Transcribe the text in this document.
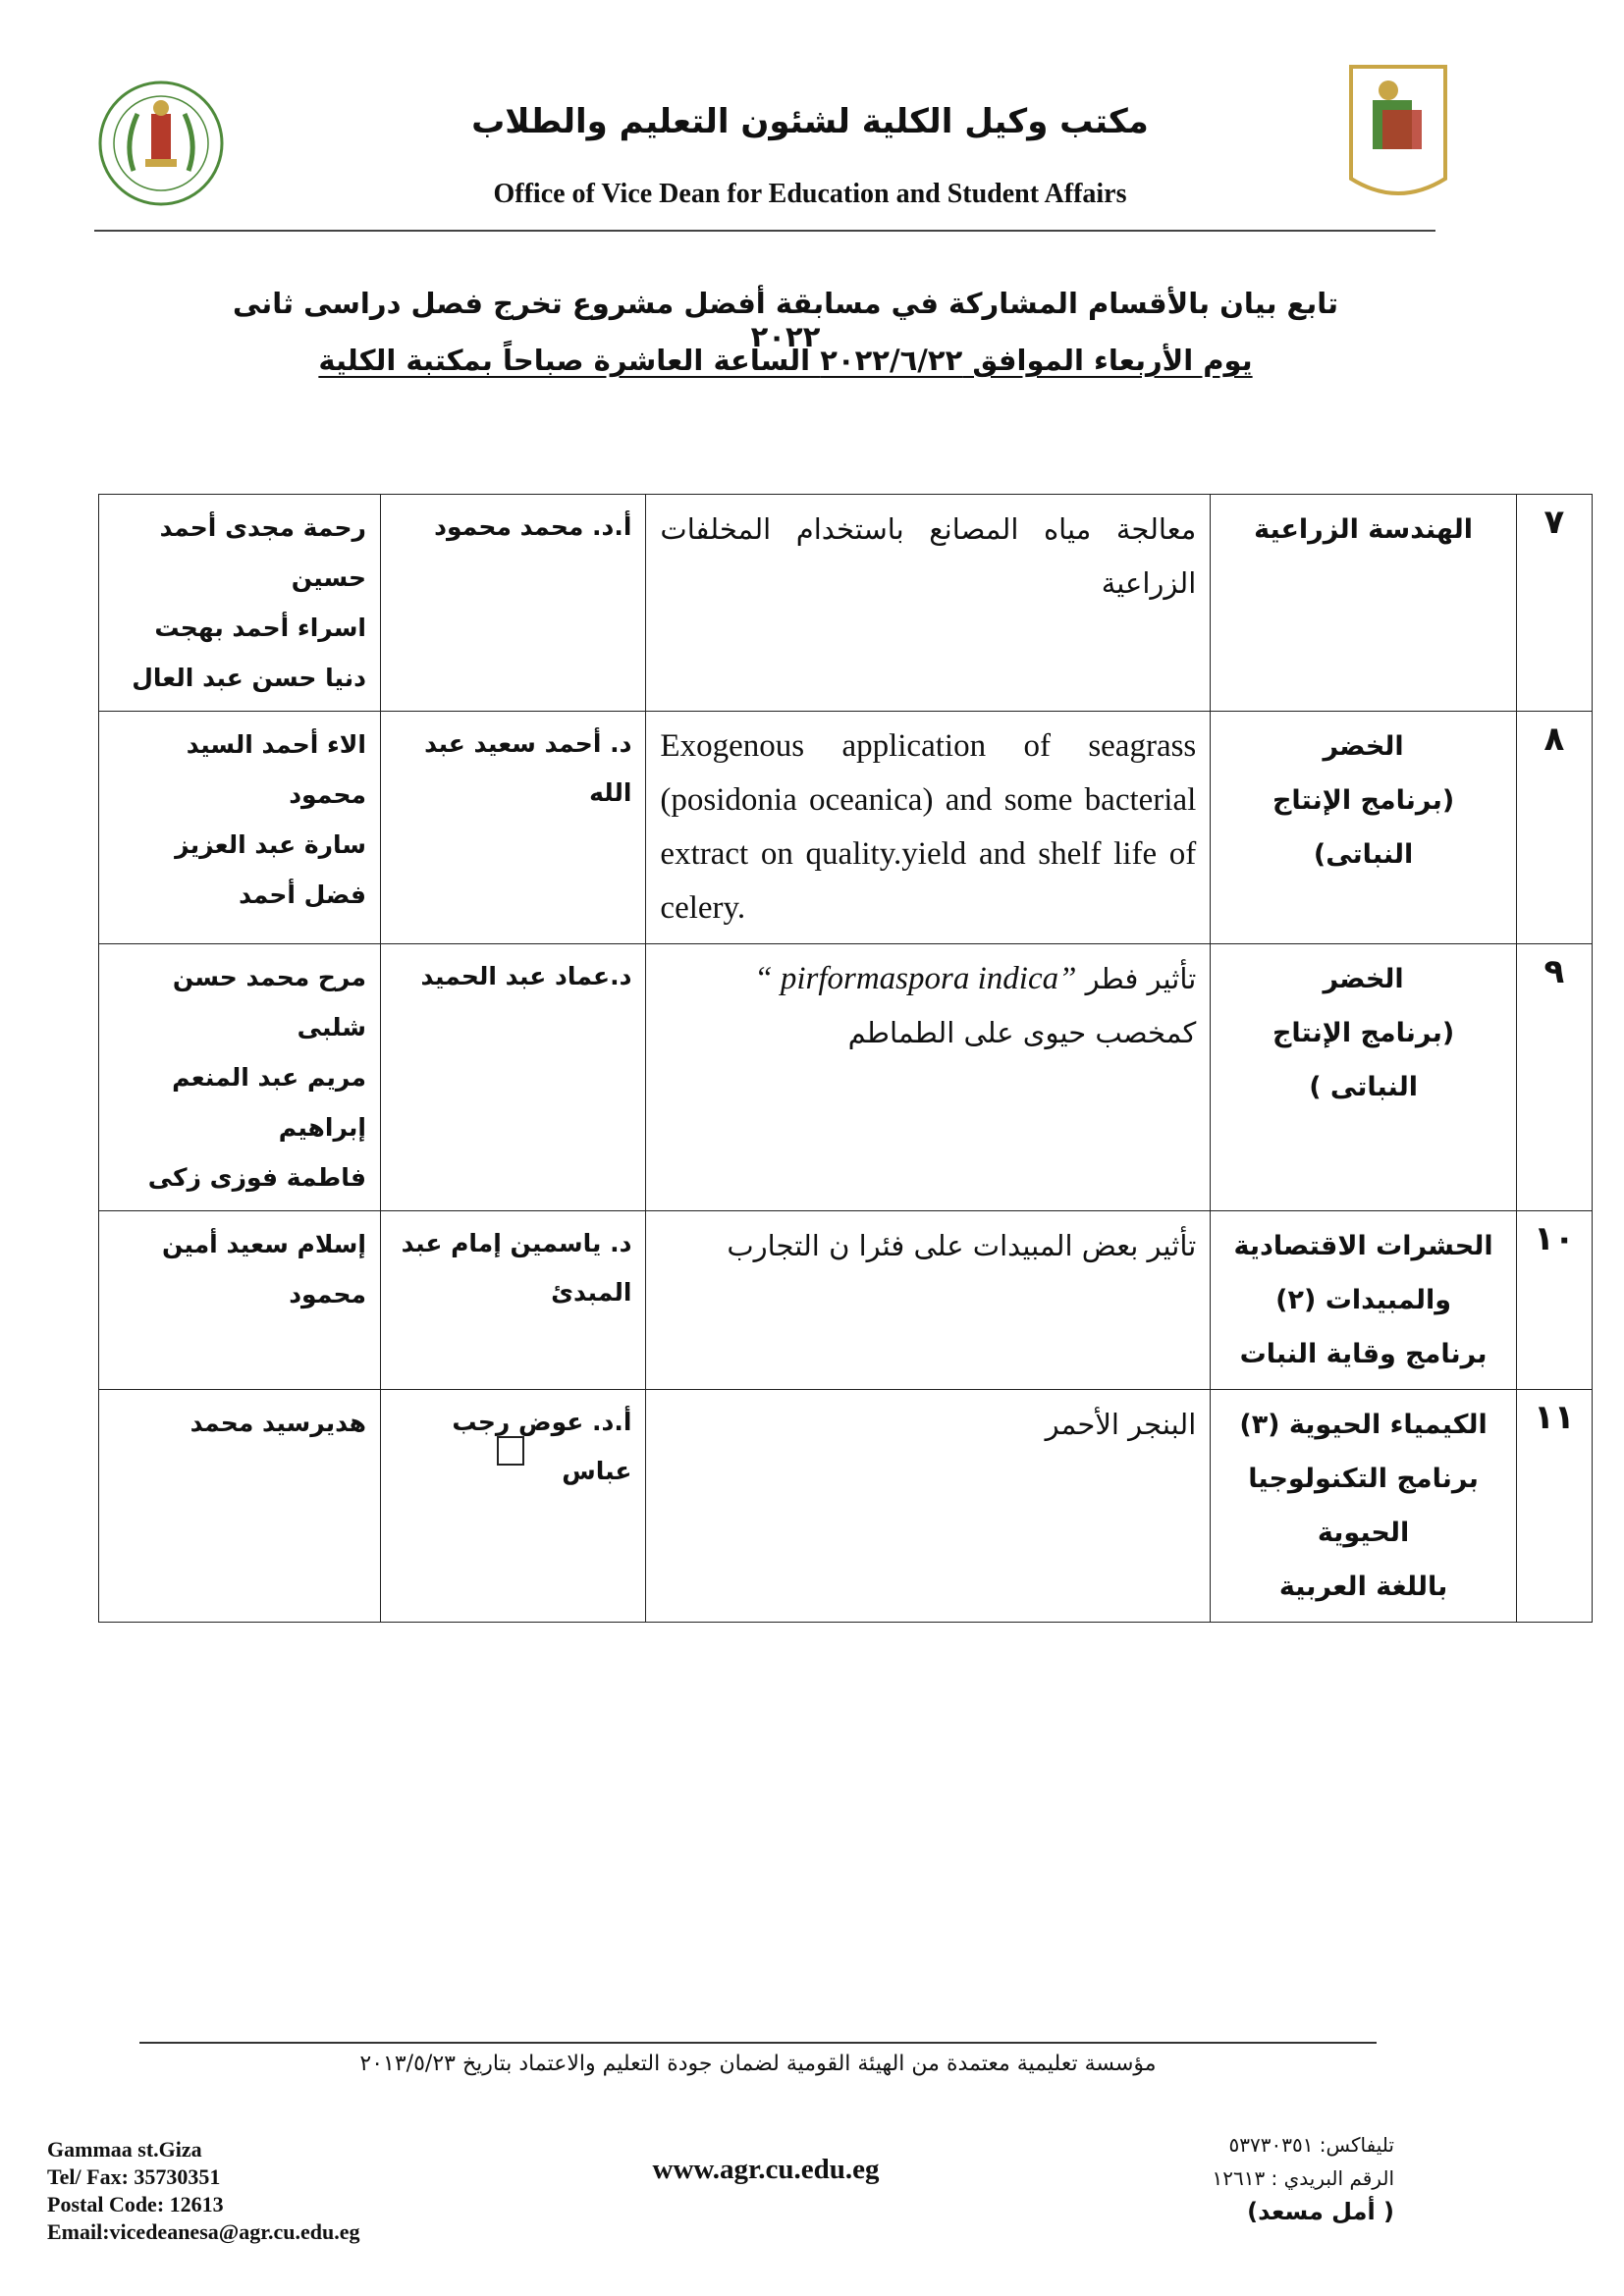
مكتب وكيل الكلية لشئون التعليم والطلاب
Office of Vice Dean for Education and Student Affairs
تابع بيان بالأقسام المشاركة في مسابقة أفضل مشروع تخرج فصل دراسى ثانى ٢٠٢٢
يوم الأربعاء الموافق ٢٠٢٢/٦/٢٢ الساعة العاشرة صباحاً بمكتبة الكلية
٧	الهندسة الزراعية	معالجة مياه المصانع باستخدام المخلفات الزراعية	أ.د. محمد محمود	رحمة مجدى أحمد حسين
اسراء أحمد بهجت
دنيا حسن عبد العال

٨	الخضر
(برنامج الإنتاج النباتى)	Exogenous application of seagrass (posidonia oceanica) and some bacterial extract on quality.yield and shelf life of celery.	د. أحمد سعيد عبد الله	الاء أحمد السيد محمود
سارة عبد العزيز فضل أحمد

٩	الخضر
(برنامج الإنتاج النباتى )	تأثير فطر “ pirformaspora indica”
كمخصب حيوى على الطماطم	د.عماد عبد الحميد	مرح محمد حسن شلبى
مريم عبد المنعم إبراهيم
فاطمة فوزى زكى

١٠	الحشرات الاقتصادية
والمبيدات (٢)
برنامج وقاية النبات	تأثير بعض المبيدات على فئرا ن التجارب	د. ياسمين إمام عبد المبدئ	إسلام سعيد أمين محمود

١١	الكيمياء الحيوية (٣)
برنامج التكنولوجيا الحيوية
باللغة العربية	البنجر الأحمر	أ.د. عوض رجب عباس	هديرسيد محمد
مؤسسة تعليمية معتمدة من الهيئة القومية لضمان جودة التعليم والاعتماد بتاريخ ٢٠١٣/٥/٢٣
Gammaa st.Giza
Tel/ Fax: 35730351
Postal Code: 12613
Email:vicedeanesa@agr.cu.edu.eg
www.agr.cu.edu.eg
تليفاكس: ٥٣٧٣٠٣٥١
الرقم البريدي : ١٢٦١٣
( أمل مسعد)
